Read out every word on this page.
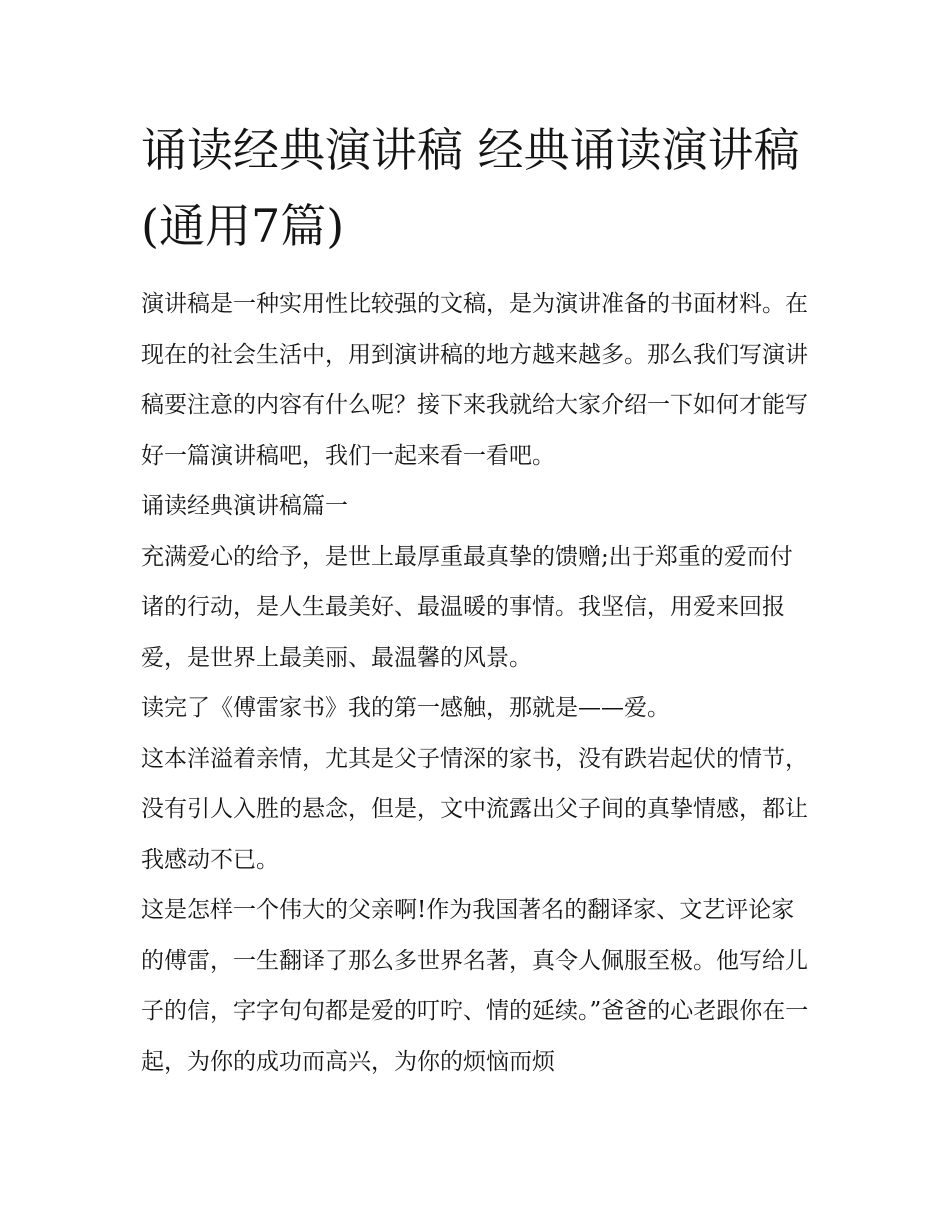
诵读经典演讲稿 经典诵读演讲稿(通用7篇)

演讲稿是一种实用性比较强的文稿，是为演讲准备的书面材料。在现在的社会生活中，用到演讲稿的地方越来越多。那么我们写演讲稿要注意的内容有什么呢？接下来我就给大家介绍一下如何才能写好一篇演讲稿吧，我们一起来看一看吧。

诵读经典演讲稿篇一

充满爱心的给予，是世上最厚重最真挚的馈赠;出于郑重的爱而付诸的行动，是人生最美好、最温暖的事情。我坚信，用爱来回报爱，是世界上最美丽、最温馨的风景。

读完了《傅雷家书》我的第一感触，那就是——爱。

这本洋溢着亲情，尤其是父子情深的家书，没有跌岩起伏的情节，没有引人入胜的悬念，但是，文中流露出父子间的真挚情感，都让我感动不已。

这是怎样一个伟大的父亲啊!作为我国著名的翻译家、文艺评论家的傅雷，一生翻译了那么多世界名著，真令人佩服至极。他写给儿子的信，字字句句都是爱的叮咛、情的延续。”爸爸的心老跟你在一起，为你的成功而高兴，为你的烦恼而烦
